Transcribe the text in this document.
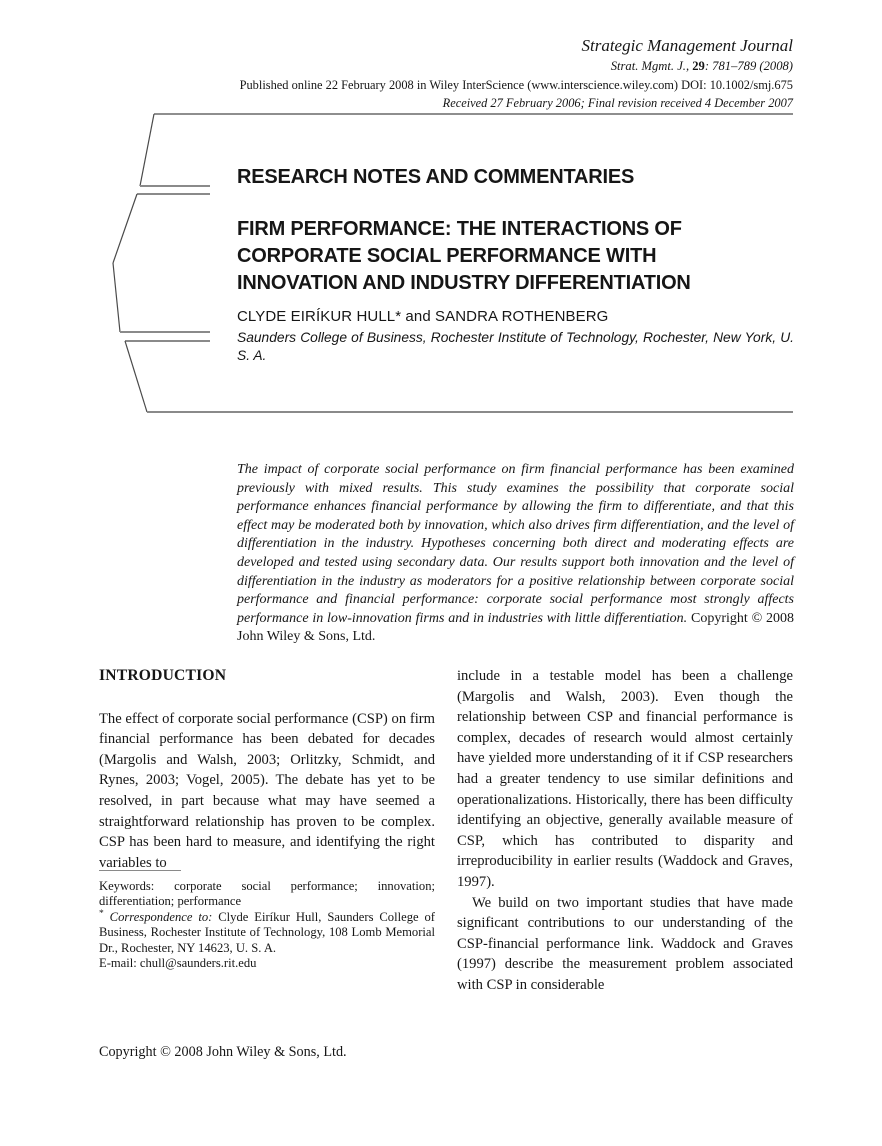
Strategic Management Journal
Strat. Mgmt. J., 29: 781–789 (2008)
Published online 22 February 2008 in Wiley InterScience (www.interscience.wiley.com) DOI: 10.1002/smj.675
Received 27 February 2006; Final revision received 4 December 2007
RESEARCH NOTES AND COMMENTARIES
FIRM PERFORMANCE: THE INTERACTIONS OF
CORPORATE SOCIAL PERFORMANCE WITH
INNOVATION AND INDUSTRY DIFFERENTIATION
CLYDE EIRÍKUR HULL* and SANDRA ROTHENBERG
Saunders College of Business, Rochester Institute of Technology, Rochester, New York, U. S. A.
The impact of corporate social performance on firm financial performance has been examined previously with mixed results. This study examines the possibility that corporate social performance enhances financial performance by allowing the firm to differentiate, and that this effect may be moderated both by innovation, which also drives firm differentiation, and the level of differentiation in the industry. Hypotheses concerning both direct and moderating effects are developed and tested using secondary data. Our results support both innovation and the level of differentiation in the industry as moderators for a positive relationship between corporate social performance and financial performance: corporate social performance most strongly affects performance in low-innovation firms and in industries with little differentiation. Copyright © 2008 John Wiley & Sons, Ltd.
INTRODUCTION

The effect of corporate social performance (CSP) on firm financial performance has been debated for decades (Margolis and Walsh, 2003; Orlitzky, Schmidt, and Rynes, 2003; Vogel, 2005). The debate has yet to be resolved, in part because what may have seemed a straightforward relationship has proven to be complex. CSP has been hard to measure, and identifying the right variables to

include in a testable model has been a challenge (Margolis and Walsh, 2003). Even though the relationship between CSP and financial performance is complex, decades of research would almost certainly have yielded more understanding of it if CSP researchers had a greater tendency to use similar definitions and operationalizations. Historically, there has been difficulty identifying an objective, generally available measure of CSP, which has contributed to disparity and irreproducibility in earlier results (Waddock and Graves, 1997).

We build on two important studies that have made significant contributions to our understanding of the CSP-financial performance link. Waddock and Graves (1997) describe the measurement problem associated with CSP in considerable

Keywords: corporate social performance; innovation; differentiation; performance

* Correspondence to: Clyde Eiríkur Hull, Saunders College of Business, Rochester Institute of Technology, 108 Lomb Memorial Dr., Rochester, NY 14623, U. S. A.

E-mail: chull@saunders.rit.edu

Copyright © 2008 John Wiley & Sons, Ltd.
